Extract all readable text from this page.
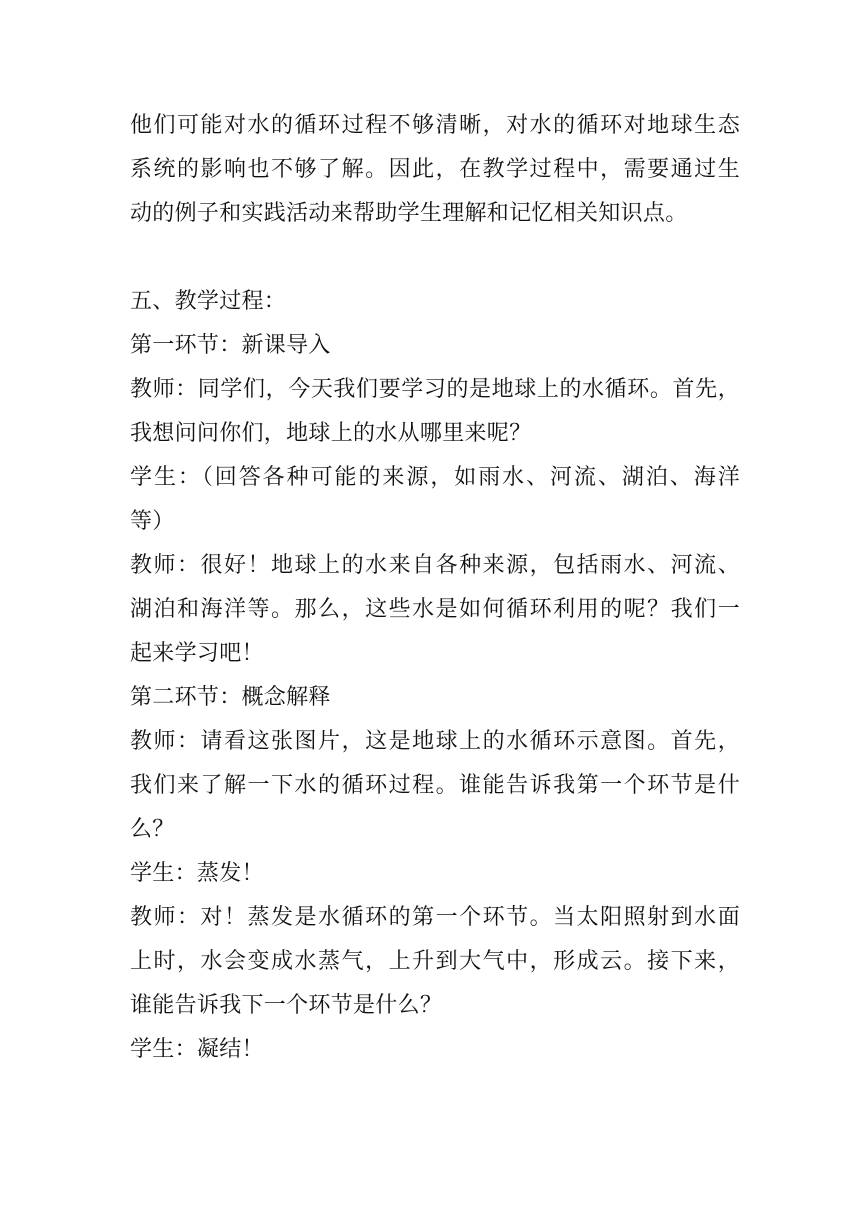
他们可能对水的循环过程不够清晰，对水的循环对地球生态
系统的影响也不够了解。因此，在教学过程中，需要通过生
动的例子和实践活动来帮助学生理解和记忆相关知识点。
五、教学过程：
第一环节：新课导入
教师：同学们，今天我们要学习的是地球上的水循环。首先，
我想问问你们，地球上的水从哪里来呢？
学生：（回答各种可能的来源，如雨水、河流、湖泊、海洋
等）
教师：很好！地球上的水来自各种来源，包括雨水、河流、
湖泊和海洋等。那么，这些水是如何循环利用的呢？我们一
起来学习吧！
第二环节：概念解释
教师：请看这张图片，这是地球上的水循环示意图。首先，
我们来了解一下水的循环过程。谁能告诉我第一个环节是什
么？
学生：蒸发！
教师：对！蒸发是水循环的第一个环节。当太阳照射到水面
上时，水会变成水蒸气，上升到大气中，形成云。接下来，
谁能告诉我下一个环节是什么？
学生：凝结！
